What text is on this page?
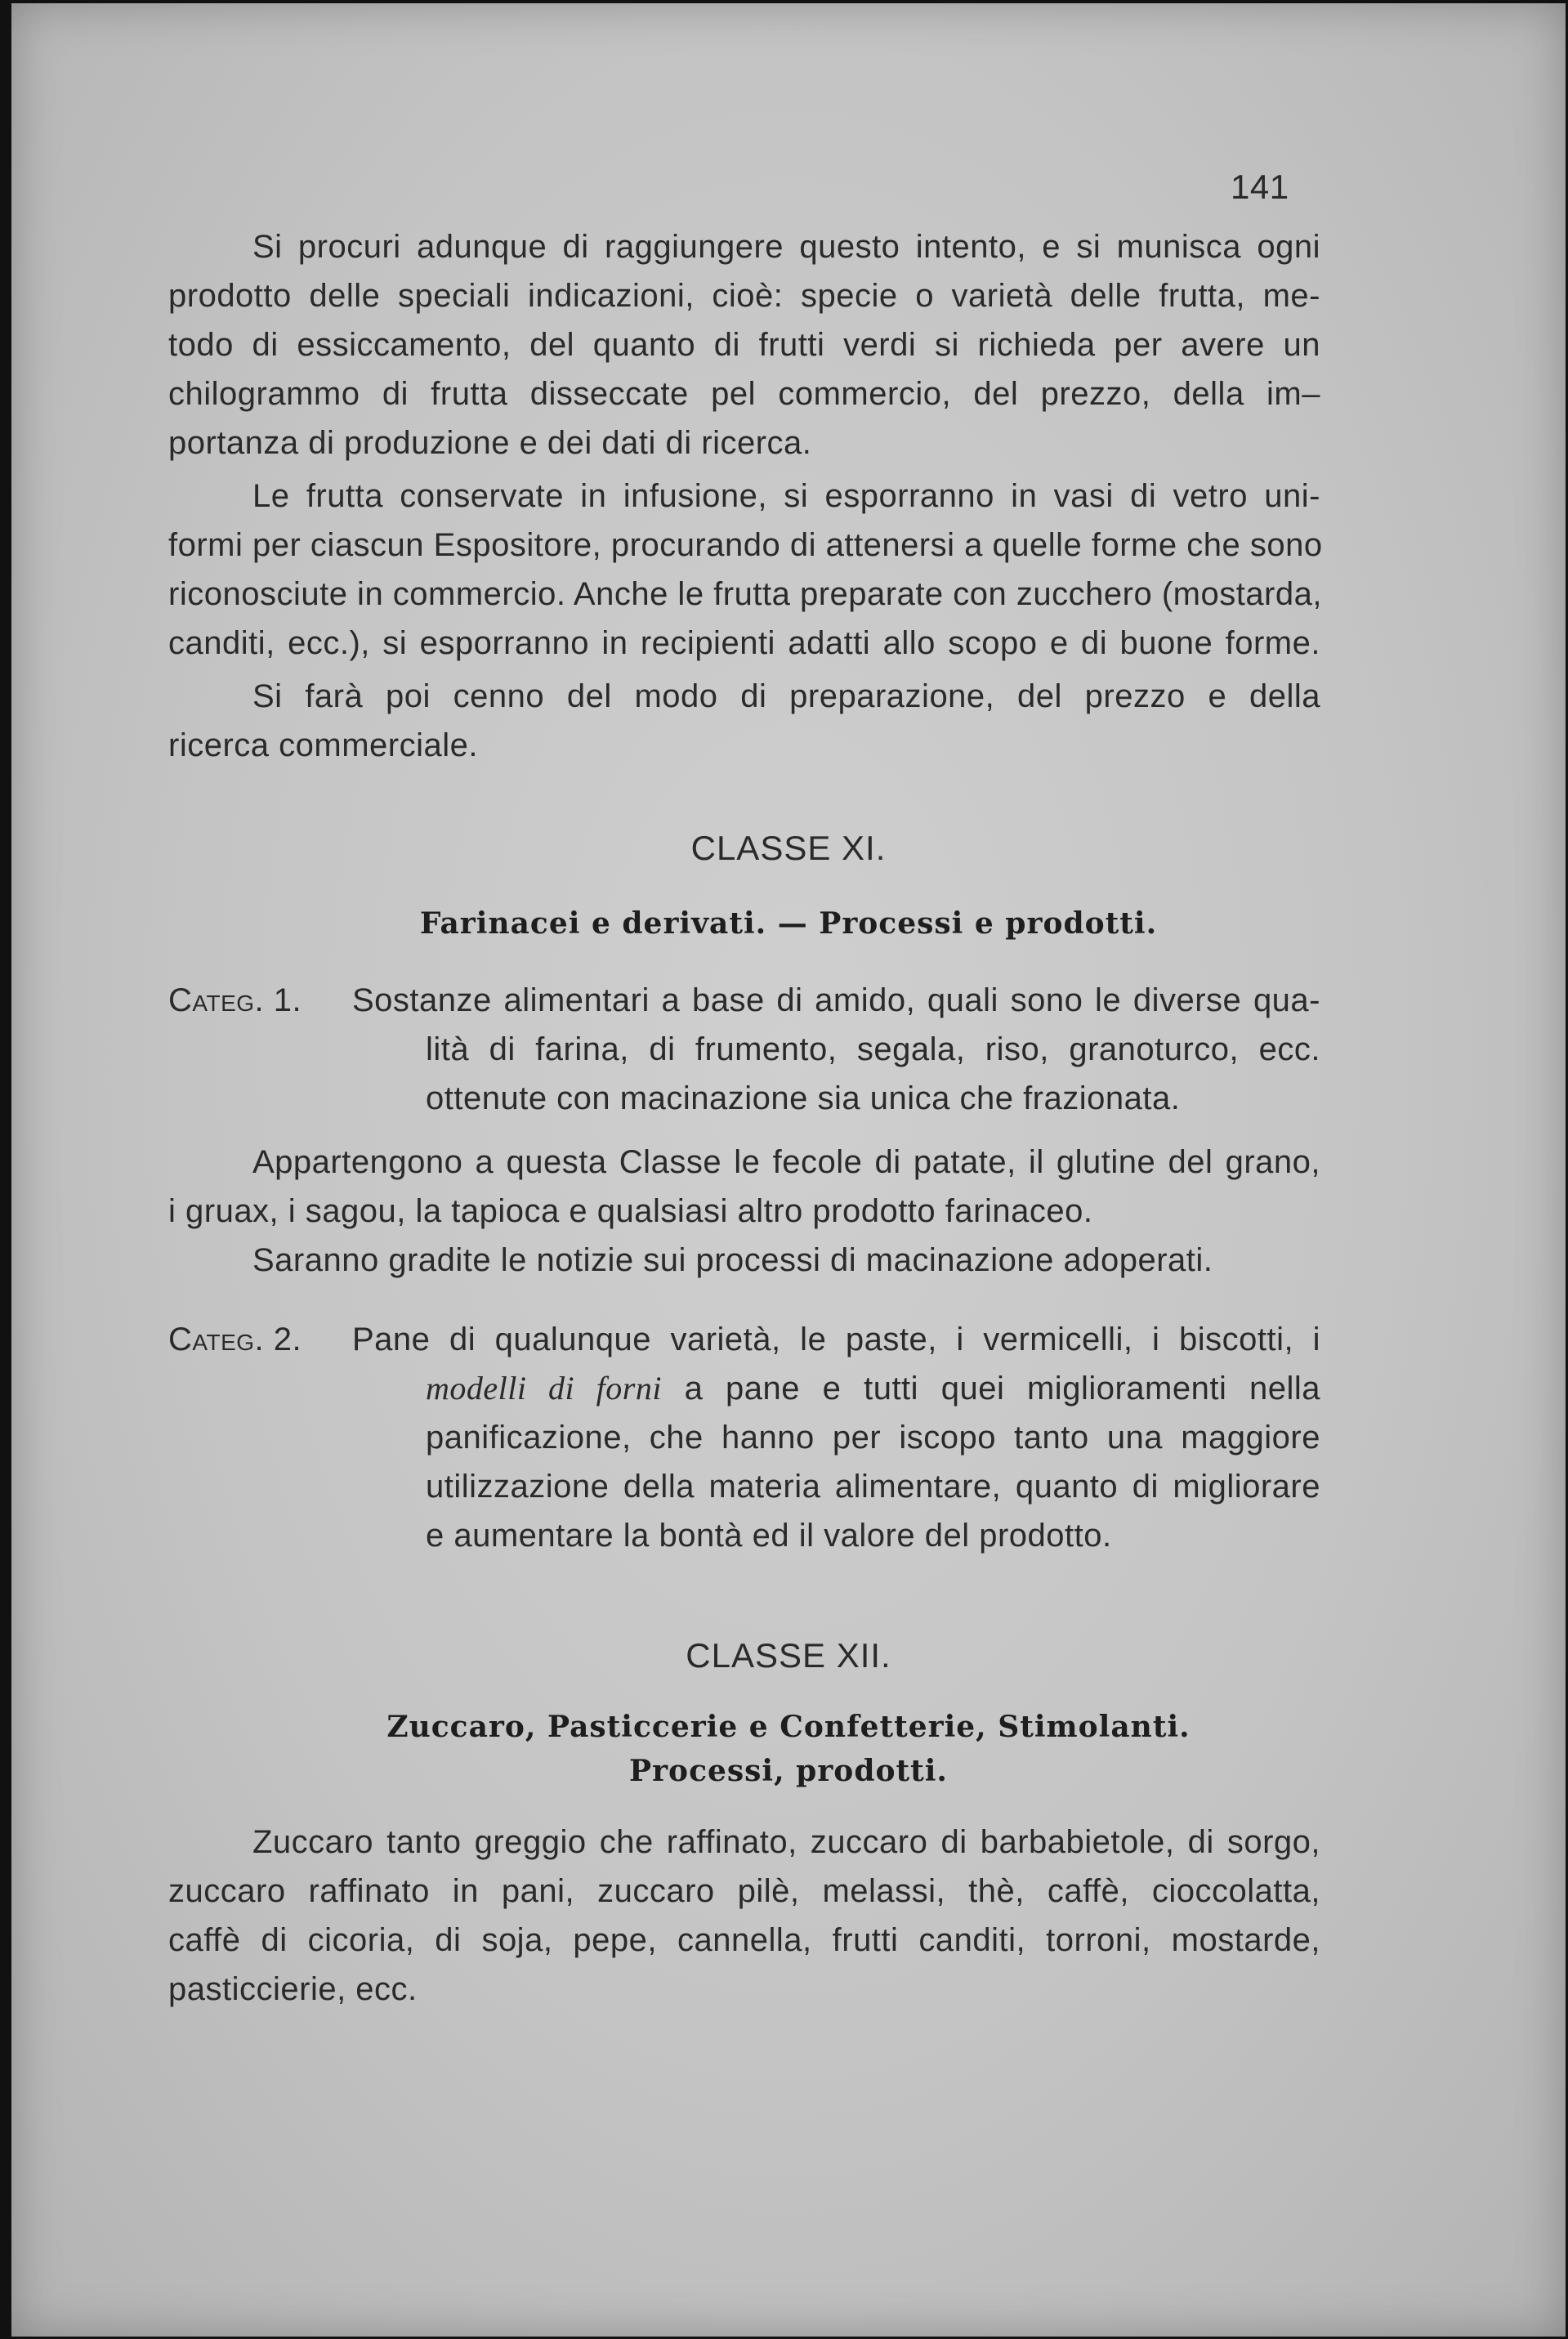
141
Si procuri adunque di raggiungere questo intento, e si munisca ogni
prodotto delle speciali indicazioni, cioè: specie o varietà delle frutta, me-
todo di essiccamento, del quanto di frutti verdi si richieda per avere un
chilogrammo di frutta disseccate pel commercio, del prezzo, della im–
portanza di produzione e dei dati di ricerca.
Le frutta conservate in infusione, si esporranno in vasi di vetro uni-
formi per ciascun Espositore, procurando di attenersi a quelle forme che sono
riconosciute in commercio. Anche le frutta preparate con zucchero (mostarda,
canditi, ecc.), si esporranno in recipienti adatti allo scopo e di buone forme.
Si farà poi cenno del modo di preparazione, del prezzo e della
ricerca commerciale.
CLASSE XI.
Farinacei e derivati. — Processi e prodotti.
Categ. 1. Sostanze alimentari a base di amido, quali sono le diverse qua-
lità di farina, di frumento, segala, riso, granoturco, ecc.
ottenute con macinazione sia unica che frazionata.
Appartengono a questa Classe le fecole di patate, il glutine del grano,
i gruax, i sagou, la tapioca e qualsiasi altro prodotto farinaceo.
Saranno gradite le notizie sui processi di macinazione adoperati.
Categ. 2. Pane di qualunque varietà, le paste, i vermicelli, i biscotti, i
modelli di forni a pane e tutti quei miglioramenti nella
panificazione, che hanno per iscopo tanto una maggiore
utilizzazione della materia alimentare, quanto di migliorare
e aumentare la bontà ed il valore del prodotto.
CLASSE XII.
Zuccaro, Pasticcerie e Confetterie, Stimolanti.
Processi, prodotti.
Zuccaro tanto greggio che raffinato, zuccaro di barbabietole, di sorgo,
zuccaro raffinato in pani, zuccaro pilè, melassi, thè, caffè, cioccolatta,
caffè di cicoria, di soja, pepe, cannella, frutti canditi, torroni, mostarde,
pasticcierie, ecc.
